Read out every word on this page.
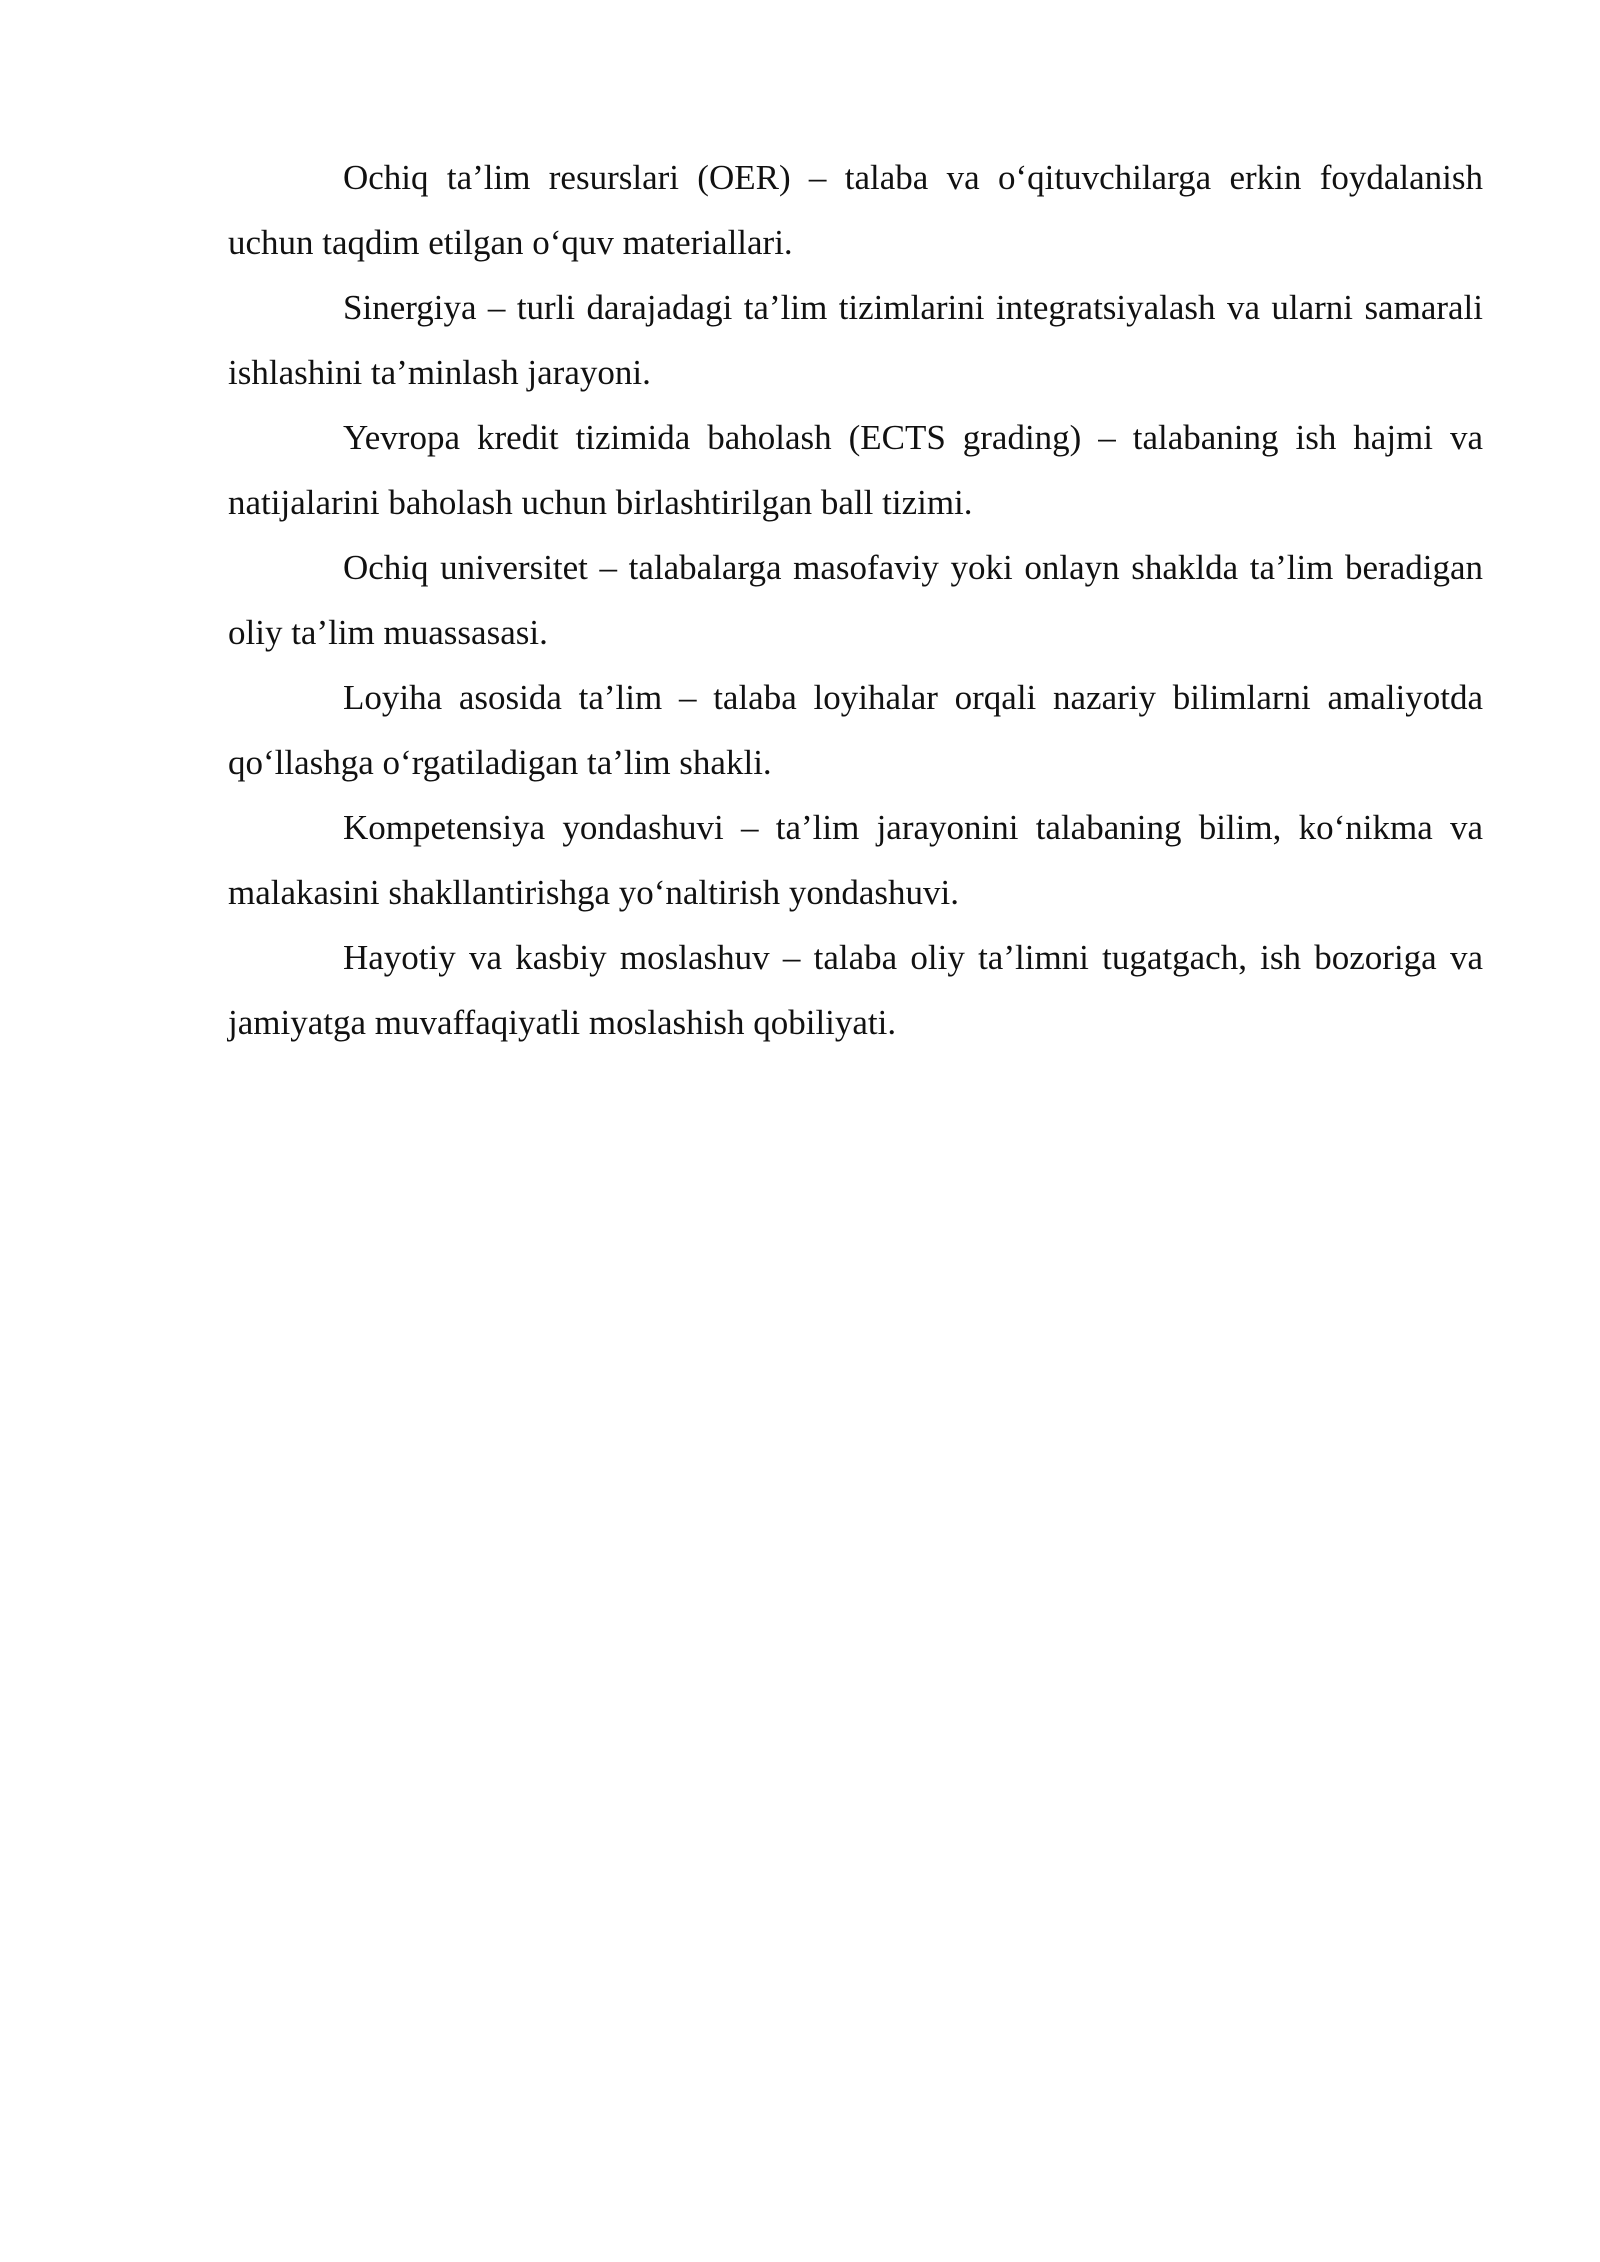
Ochiq ta’lim resurslari (OER) – talaba va o‘qituvchilarga erkin foydalanish uchun taqdim etilgan o‘quv materiallari.

Sinergiya – turli darajadagi ta’lim tizimlarini integratsiyalash va ularni samarali ishlashini ta’minlash jarayoni.

Yevropa kredit tizimida baholash (ECTS grading) – talabaning ish hajmi va natijalarini baholash uchun birlashtirilgan ball tizimi.

Ochiq universitet – talabalarga masofaviy yoki onlayn shaklda ta’lim beradigan oliy ta’lim muassasasi.

Loyiha asosida ta’lim – talaba loyihalar orqali nazariy bilimlarni amaliyotda qo‘llashga o‘rgatiladigan ta’lim shakli.

Kompetensiya yondashuvi – ta’lim jarayonini talabaning bilim, ko‘nikma va malakasini shakllantirishga yo‘naltirish yondashuvi.

Hayotiy va kasbiy moslashuv – talaba oliy ta’limni tugatgach, ish bozoriga va jamiyatga muvaffaqiyatli moslashish qobiliyati.
